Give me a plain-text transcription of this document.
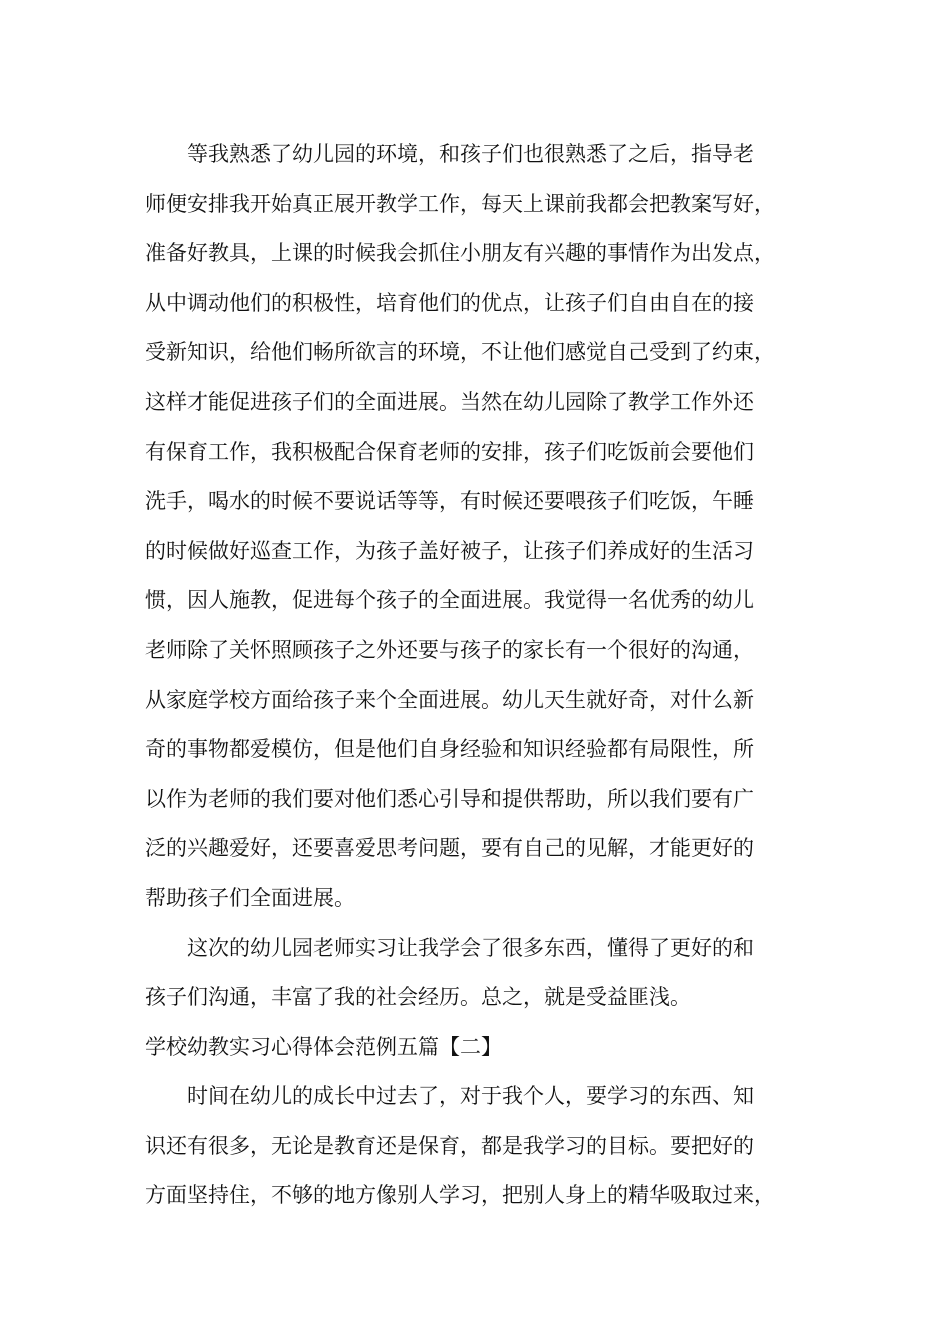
等我熟悉了幼儿园的环境，和孩子们也很熟悉了之后，指导老
师便安排我开始真正展开教学工作，每天上课前我都会把教案写好，
准备好教具，上课的时候我会抓住小朋友有兴趣的事情作为出发点，
从中调动他们的积极性，培育他们的优点，让孩子们自由自在的接
受新知识，给他们畅所欲言的环境，不让他们感觉自己受到了约束，
这样才能促进孩子们的全面进展。当然在幼儿园除了教学工作外还
有保育工作，我积极配合保育老师的安排，孩子们吃饭前会要他们
洗手，喝水的时候不要说话等等，有时候还要喂孩子们吃饭，午睡
的时候做好巡查工作，为孩子盖好被子，让孩子们养成好的生活习
惯，因人施教，促进每个孩子的全面进展。我觉得一名优秀的幼儿
老师除了关怀照顾孩子之外还要与孩子的家长有一个很好的沟通，
从家庭学校方面给孩子来个全面进展。幼儿天生就好奇，对什么新
奇的事物都爱模仿，但是他们自身经验和知识经验都有局限性，所
以作为老师的我们要对他们悉心引导和提供帮助，所以我们要有广
泛的兴趣爱好，还要喜爱思考问题，要有自己的见解，才能更好的
帮助孩子们全面进展。
这次的幼儿园老师实习让我学会了很多东西，懂得了更好的和
孩子们沟通，丰富了我的社会经历。总之，就是受益匪浅。
学校幼教实习心得体会范例五篇【二】
时间在幼儿的成长中过去了，对于我个人，要学习的东西、知
识还有很多，无论是教育还是保育，都是我学习的目标。要把好的
方面坚持住，不够的地方像别人学习，把别人身上的精华吸取过来，
